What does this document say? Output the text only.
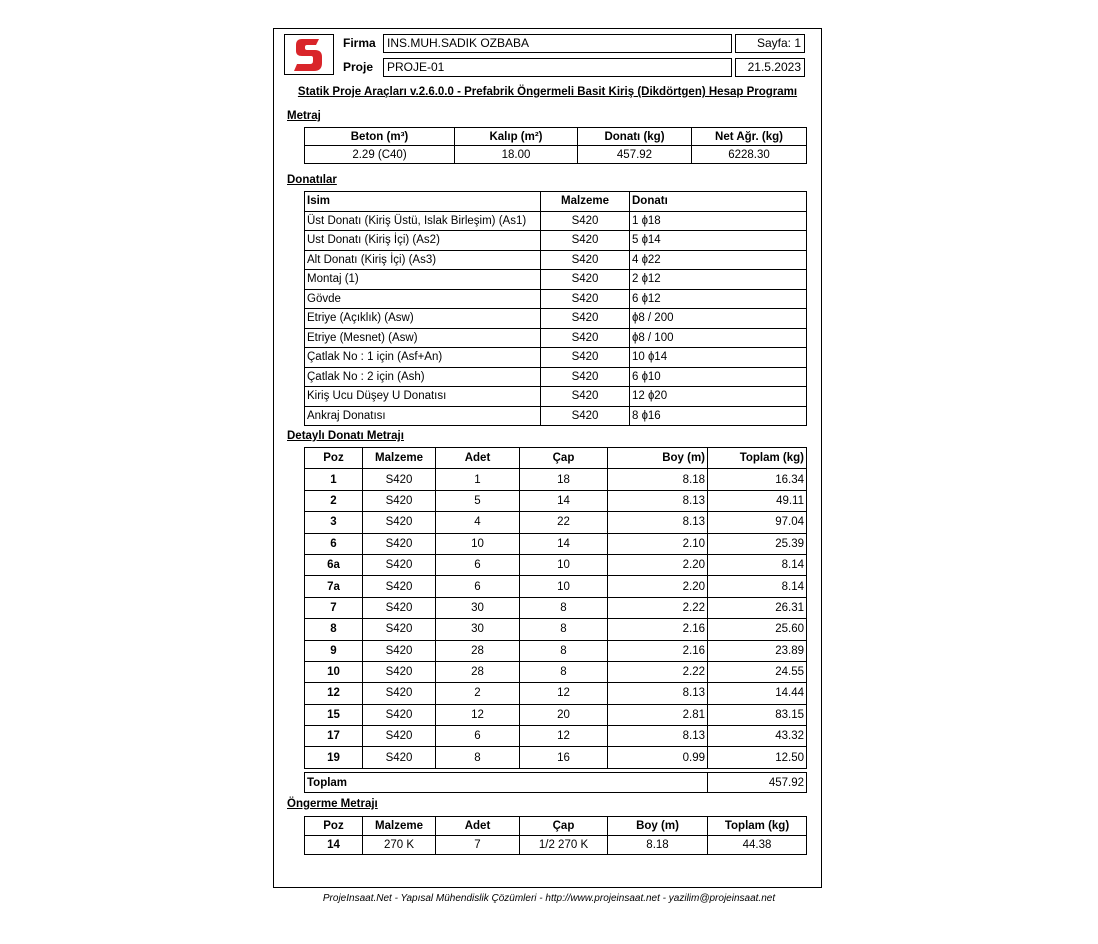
Firma INS.MUH.SADIK OZBABA
Proje	PROJE-01
Sayfa: 1
21.5.2023
Statik Proje Araçları v.2.6.0.0 - Prefabrik Öngermeli Basit Kiriş (Dikdörtgen) Hesap Programı
Metraj
Beton (m³)	Kalıp (m²)	Donatı (kg)	Net Ağr. (kg)
2.29 (C40)	18.00	457.92	6228.30
Donatılar
Isim	Malzeme	Donatı
Üst Donatı (Kiriş Üstü, Islak Birleşim) (As1)	S420	1 ɸ18
Ust Donatı (Kiriş İçi) (As2)	S420	5 ɸ14
Alt Donatı (Kiriş İçi) (As3)	S420	4 ɸ22
Montaj (1)	S420	2 ɸ12
Gövde	S420	6 ɸ12
Etriye (Açıklık) (Asw)	S420	ɸ8 / 200
Etriye (Mesnet) (Asw)	S420	ɸ8 / 100
Çatlak No : 1 için (Asf+An)	S420	10 ɸ14
Çatlak No : 2 için (Ash)	S420	6 ɸ10
Kiriş Ucu Düşey U Donatısı	S420	12 ɸ20
Ankraj Donatısı	S420	8 ɸ16
Detaylı Donatı Metrajı
Poz	Malzeme	Adet	Çap	Boy (m)	Toplam (kg)
1	S420	1	18	8.18	16.34
2	S420	5	14	8.13	49.11
3	S420	4	22	8.13	97.04
6	S420	10	14	2.10	25.39
6a	S420	6	10	2.20	8.14
7a	S420	6	10	2.20	8.14
7	S420	30	8	2.22	26.31
8	S420	30	8	2.16	25.60
9	S420	28	8	2.16	23.89
10	S420	28	8	2.22	24.55
12	S420	2	12	8.13	14.44
15	S420	12	20	2.81	83.15
17	S420	6	12	8.13	43.32
19	S420	8	16	0.99	12.50
Toplam	457.92
Öngerme Metrajı
Poz	Malzeme	Adet	Çap	Boy (m)	Toplam (kg)
14	270 K	7	1/2 270 K	8.18	44.38
ProjeInsaat.Net - Yapısal Mühendislik Çözümleri - http://www.projeinsaat.net - yazilim@projeinsaat.net
